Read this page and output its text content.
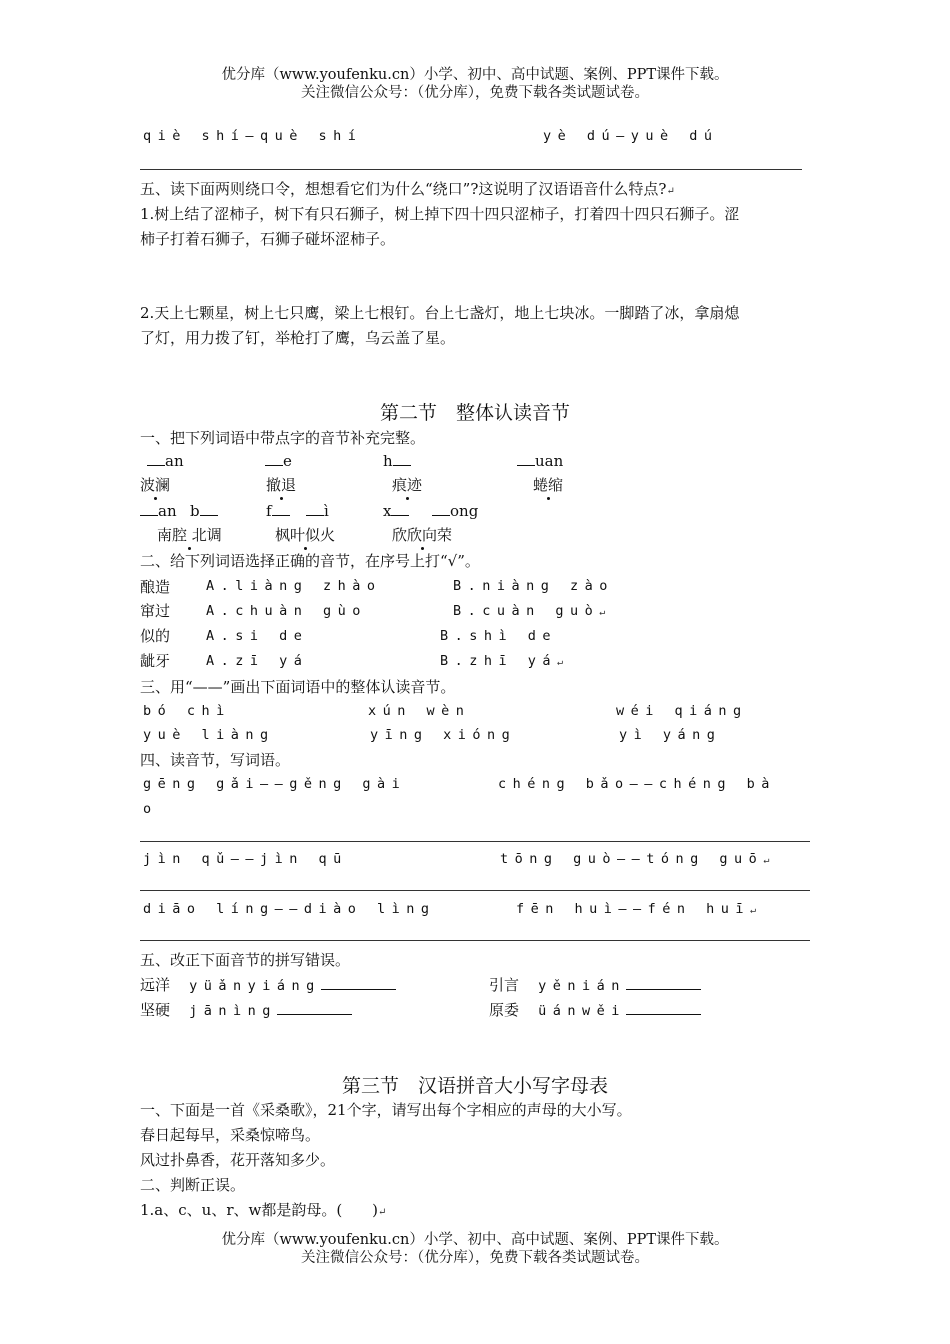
优分库（www.youfenku.cn）小学、初中、高中试题、案例、PPT课件下载。
关注微信公众号：（优分库），免费下载各类试题试卷。
qiè shí—què shí	yè dú—yuè dú
五、读下面两则绕口令，想想看它们为什么“绕口”?这说明了汉语语音什么特点?↵
1.树上结了涩柿子，树下有只石狮子，树上掉下四十四只涩柿子，打着四十四只石狮子。涩
柿子打着石狮子，石狮子碰坏涩柿子。
2.天上七颗星，树上七只鹰，梁上七根钉。台上七盏灯，地上七块冰。一脚踏了冰，拿扇熄
了灯，用力拨了钉，举枪打了鹰，乌云盖了星。
第二节　整体认读音节
一、把下列词语中带点字的音节补充完整。
an	e	h	uan
波澜	撤退	痕迹	蜷缩
an b	f	ì	x	ong
南腔 北调	枫叶似火	欣欣向荣
二、给下列词语选择正确的音节，在序号上打“√”。
酿造	A.liàng zhào	B.niàng zào
窜过	A.chuàn gùo	B.cuàn guò↵
似的	A.si de	B.shì de
龇牙	A.zī yá	B.zhī yá↵
三、用“——”画出下面词语中的整体认读音节。
bó chì	xún wèn	wéi qiáng
yuè liàng	yīng xióng	yì yáng
四、读音节，写词语。
gēng gǎi——gěng gài	chéng bǎo——chéng bà
o
jìn qǔ——jìn qū	tōng guò——tóng guō↵
diāo líng——diào lìng	fēn huì——fén huī↵
五、改正下面音节的拼写错误。
远洋 yüǎnyiáng	引言 yěnián
坚硬 jānìng	原委 üánwěi
第三节　汉语拼音大小写字母表
一、下面是一首《采桑歌》，21个字，请写出每个字相应的声母的大小写。
春日起每早，采桑惊啼鸟。
风过扑鼻香，花开落知多少。
二、判断正误。
1.a、c、u、r、w都是韵母。(　　)↵
优分库（www.youfenku.cn）小学、初中、高中试题、案例、PPT课件下载。
关注微信公众号：（优分库），免费下载各类试题试卷。
